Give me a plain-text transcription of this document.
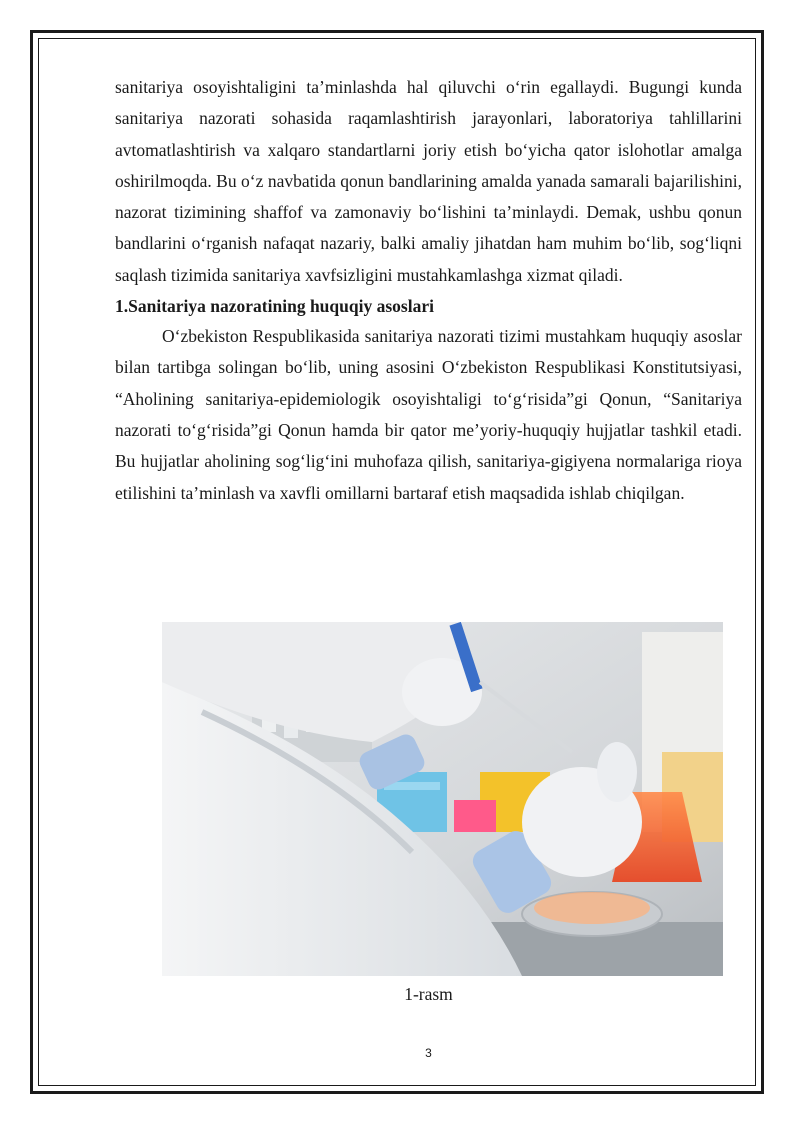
sanitariya osoyishtaligini ta’minlashda hal qiluvchi o‘rin egallaydi. Bugungi kunda sanitariya nazorati sohasida raqamlashtirish jarayonlari, laboratoriya tahlillarini avtomatlashtirish va xalqaro standartlarni joriy etish bo‘yicha qator islohotlar amalga oshirilmoqda. Bu o‘z navbatida qonun bandlarining amalda yanada samarali bajarilishini, nazorat tizimining shaffof va zamonaviy bo‘lishini ta’minlaydi. Demak, ushbu qonun bandlarini o‘rganish nafaqat nazariy, balki amaliy jihatdan ham muhim bo‘lib, sog‘liqni saqlash tizimida sanitariya xavfsizligini mustahkamlashga xizmat qiladi.

1.Sanitariya nazoratining huquqiy asoslari

O‘zbekiston Respublikasida sanitariya nazorati tizimi mustahkam huquqiy asoslar bilan tartibga solingan bo‘lib, uning asosini O‘zbekiston Respublikasi Konstitutsiyasi, “Aholining sanitariya-epidemiologik osoyishtaligi to‘g‘risida”gi Qonun, “Sanitariya nazorati to‘g‘risida”gi Qonun hamda bir qator me’yoriy-huquqiy hujjatlar tashkil etadi. Bu hujjatlar aholining sog‘lig‘ini muhofaza qilish, sanitariya-gigiyena normalariga rioya etilishini ta’minlash va xavfli omillarni bartaraf etish maqsadida ishlab chiqilgan.

1-rasm
3
